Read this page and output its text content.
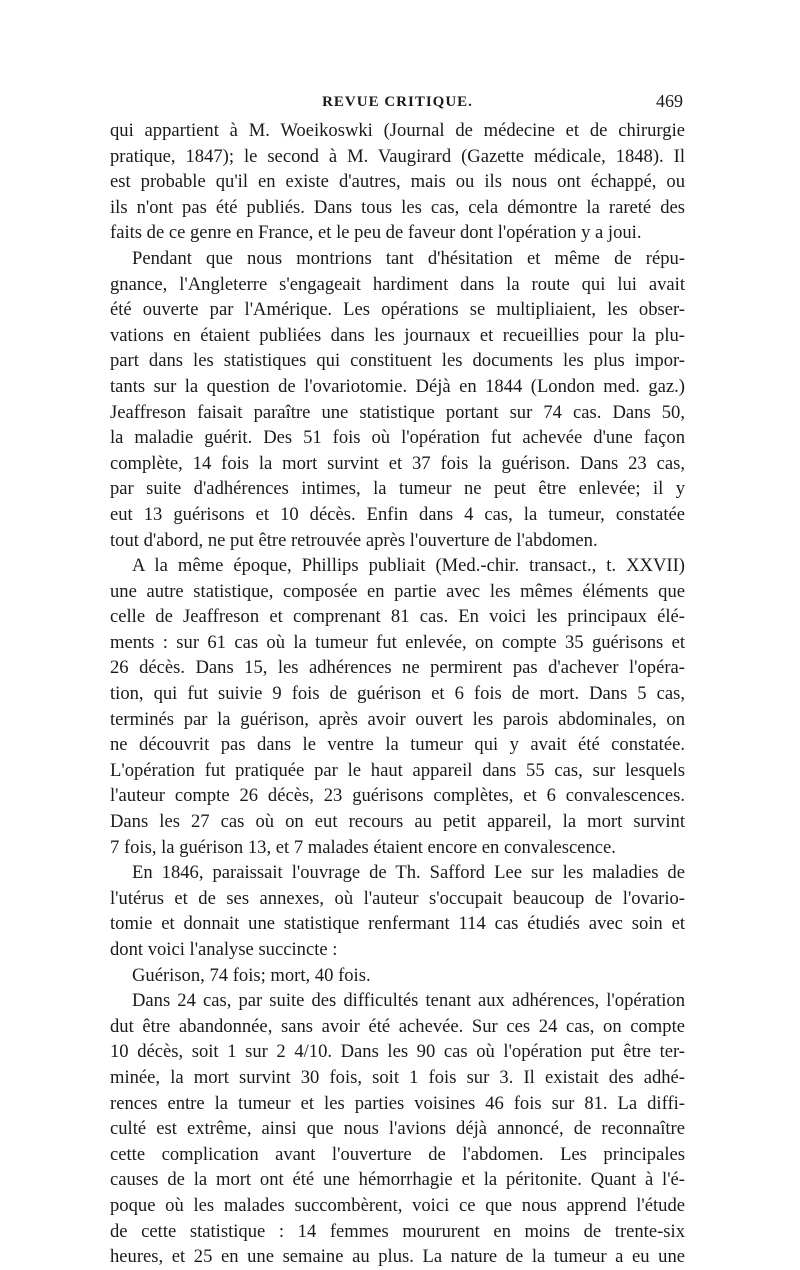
REVUE CRITIQUE.	469
qui appartient à M. Woeikoswki (Journal de médecine et de chirurgie
pratique, 1847); le second à M. Vaugirard (Gazette médicale, 1848). Il
est probable qu'il en existe d'autres, mais ou ils nous ont échappé, ou
ils n'ont pas été publiés. Dans tous les cas, cela démontre la rareté des
faits de ce genre en France, et le peu de faveur dont l'opération y a joui.
Pendant que nous montrions tant d'hésitation et même de répu-
gnance, l'Angleterre s'engageait hardiment dans la route qui lui avait
été ouverte par l'Amérique. Les opérations se multipliaient, les obser-
vations en étaient publiées dans les journaux et recueillies pour la plu-
part dans les statistiques qui constituent les documents les plus impor-
tants sur la question de l'ovariotomie. Déjà en 1844 (London med. gaz.)
Jeaffreson faisait paraître une statistique portant sur 74 cas. Dans 50,
la maladie guérit. Des 51 fois où l'opération fut achevée d'une façon
complète, 14 fois la mort survint et 37 fois la guérison. Dans 23 cas,
par suite d'adhérences intimes, la tumeur ne peut être enlevée; il y
eut 13 guérisons et 10 décès. Enfin dans 4 cas, la tumeur, constatée
tout d'abord, ne put être retrouvée après l'ouverture de l'abdomen.
A la même époque, Phillips publiait (Med.-chir. transact., t. XXVII)
une autre statistique, composée en partie avec les mêmes éléments que
celle de Jeaffreson et comprenant 81 cas. En voici les principaux élé-
ments : sur 61 cas où la tumeur fut enlevée, on compte 35 guérisons et
26 décès. Dans 15, les adhérences ne permirent pas d'achever l'opéra-
tion, qui fut suivie 9 fois de guérison et 6 fois de mort. Dans 5 cas,
terminés par la guérison, après avoir ouvert les parois abdominales, on
ne découvrit pas dans le ventre la tumeur qui y avait été constatée.
L'opération fut pratiquée par le haut appareil dans 55 cas, sur lesquels
l'auteur compte 26 décès, 23 guérisons complètes, et 6 convalescences.
Dans les 27 cas où on eut recours au petit appareil, la mort survint
7 fois, la guérison 13, et 7 malades étaient encore en convalescence.
En 1846, paraissait l'ouvrage de Th. Safford Lee sur les maladies de
l'utérus et de ses annexes, où l'auteur s'occupait beaucoup de l'ovario-
tomie et donnait une statistique renfermant 114 cas étudiés avec soin et
dont voici l'analyse succincte :
Guérison, 74 fois; mort, 40 fois.
Dans 24 cas, par suite des difficultés tenant aux adhérences, l'opération
dut être abandonnée, sans avoir été achevée. Sur ces 24 cas, on compte
10 décès, soit 1 sur 2 4/10. Dans les 90 cas où l'opération put être ter-
minée, la mort survint 30 fois, soit 1 fois sur 3. Il existait des adhé-
rences entre la tumeur et les parties voisines 46 fois sur 81. La diffi-
culté est extrême, ainsi que nous l'avions déjà annoncé, de reconnaître
cette complication avant l'ouverture de l'abdomen. Les principales
causes de la mort ont été une hémorrhagie et la péritonite. Quant à l'é-
poque où les malades succombèrent, voici ce que nous apprend l'étude
de cette statistique : 14 femmes moururent en moins de trente-six
heures, et 25 en une semaine au plus. La nature de la tumeur a eu une
